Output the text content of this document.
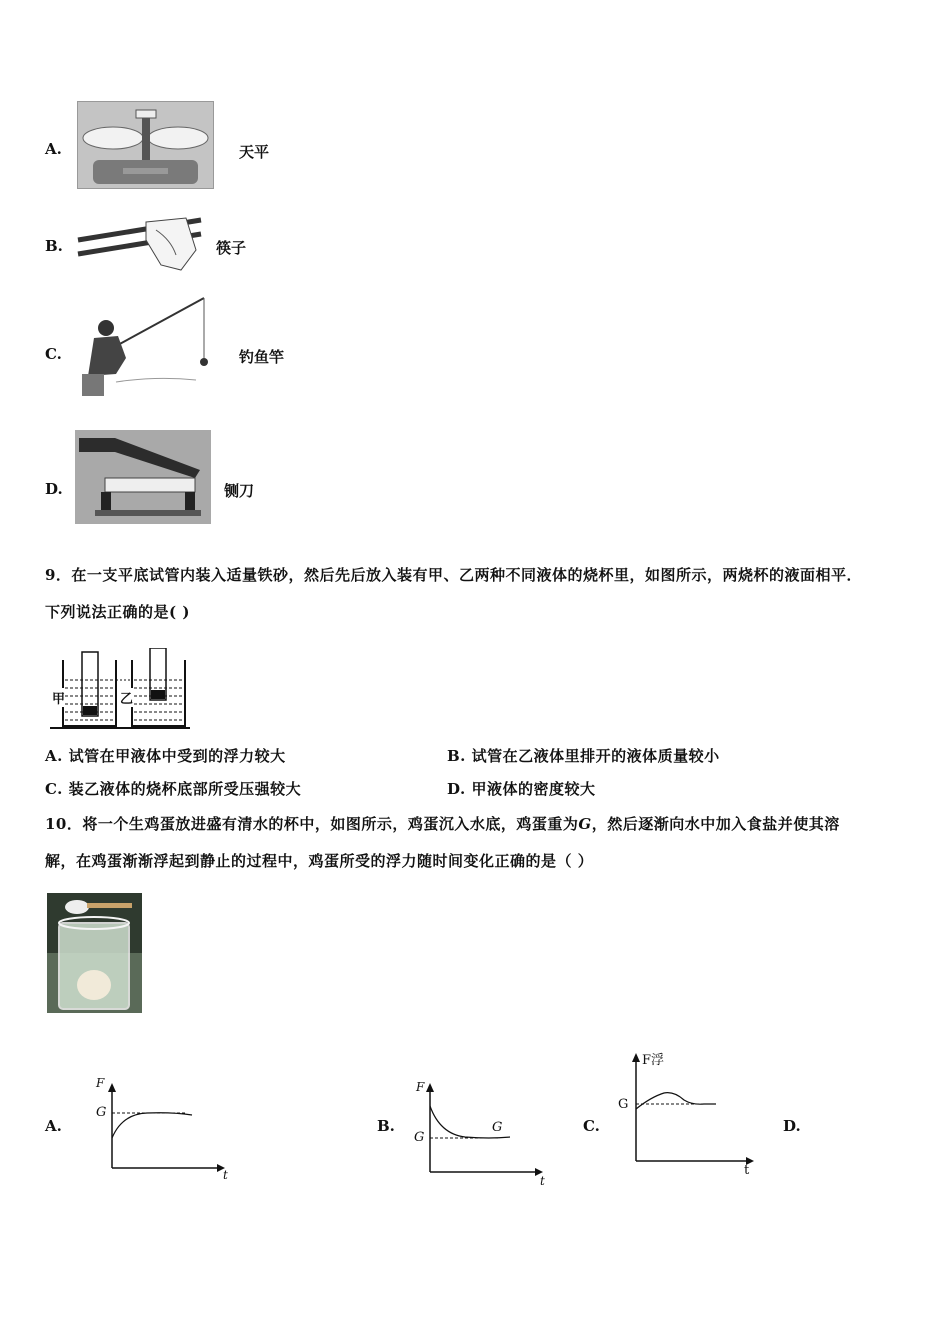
A.	天平
B.	筷子
C.	钓鱼竿
D.	铡刀
9．在一支平底试管内装入适量铁砂，然后先后放入装有甲、乙两种不同液体的烧杯里，如图所示，两烧杯的液面相平．
下列说法正确的是( )
甲	乙
A. 试管在甲液体中受到的浮力较大	B. 试管在乙液体里排开的液体质量较小
C. 装乙液体的烧杯底部所受压强较大	D. 甲液体的密度较大
10．将一个生鸡蛋放进盛有清水的杯中，如图所示，鸡蛋沉入水底，鸡蛋重为G，然后逐渐向水中加入食盐并使其溶
解，在鸡蛋渐渐浮起到静止的过程中，鸡蛋所受的浮力随时间变化正确的是（ ）
A.
F
t
G
B.
F
t
G
G	C.
F浮
t
G
D.
